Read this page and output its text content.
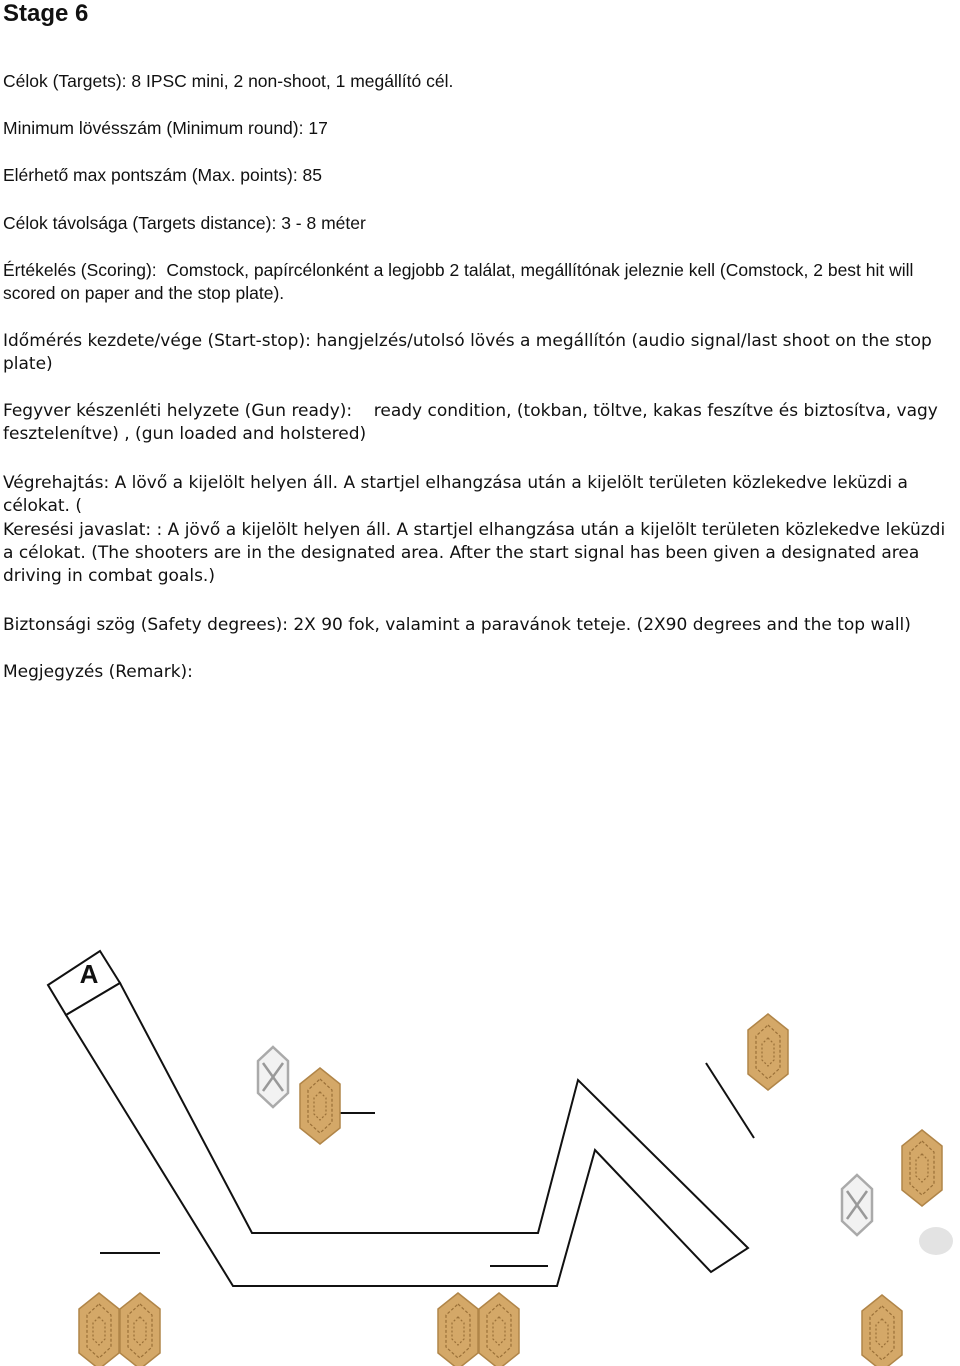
Stage 6

Célok (Targets): 8 IPSC mini, 2 non-shoot, 1 megállító cél.

Minimum lövésszám (Minimum round): 17

Elérhető max pontszám (Max. points): 85

Célok távolsága (Targets distance): 3 - 8 méter

Értékelés (Scoring):  Comstock, papírcélonként a legjobb 2 találat, megállítónak jeleznie kell (Comstock, 2 best hit will scored on paper and the stop plate).

Időmérés kezdete/vége (Start-stop): hangjelzés/utolsó lövés a megállítón (audio signal/last shoot on the stop plate)

Fegyver készenléti helyzete (Gun ready):    ready condition, (tokban, töltve, kakas feszítve és biztosítva, vagy fesztelenítve) , (gun loaded and holstered)

Végrehajtás: A lövő a kijelölt helyen áll. A startjel elhangzása után a kijelölt területen közlekedve leküzdi a célokat. (

Keresési javaslat: : A jövő a kijelölt helyen áll. A startjel elhangzása után a kijelölt területen közlekedve leküzdi a célokat. (The shooters are in the designated area. After the start signal has been given a designated area driving in combat goals.)

Biztonsági szög (Safety degrees): 2X 90 fok, valamint a paravánok teteje. (2X90 degrees and the top wall)

Megjegyzés (Remark):

A
